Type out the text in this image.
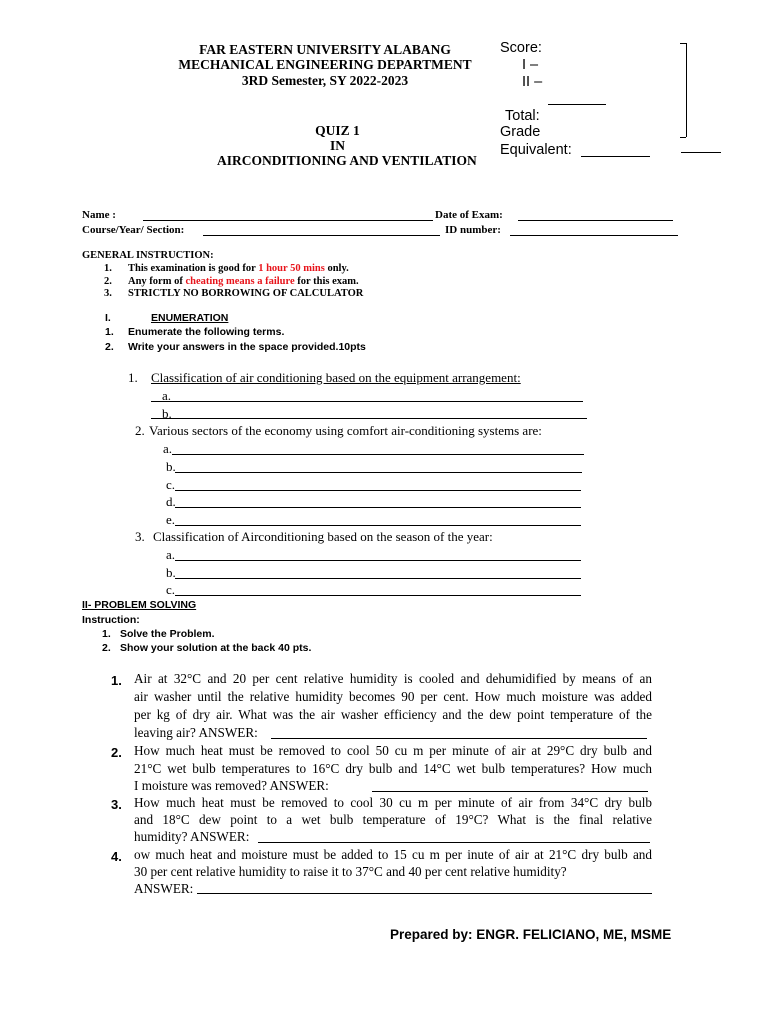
FAR EASTERN UNIVERSITY ALABANG
MECHANICAL ENGINEERING DEPARTMENT
3RD Semester, SY 2022-2023
Score:
I –
II –
Total:
Grade
Equivalent:
QUIZ 1
IN
AIRCONDITIONING AND VENTILATION
Name :	Date of Exam:
Course/Year/ Section:	ID number:
GENERAL INSTRUCTION:
1. This examination is good for 1 hour 50 mins only.
2. Any form of cheating means a failure for this exam.
3. STRICTLY NO BORROWING OF CALCULATOR
I.	ENUMERATION
1. Enumerate the following terms.
2. Write your answers in the space provided.10pts
1. Classification of air conditioning based on the equipment arrangement:
a.
b.
2. Various sectors of the economy using comfort air-conditioning systems are:
a.
b.
c.
d.
e.
3. Classification of Airconditioning based on the season of the year:
a.
b.
c.
II- PROBLEM SOLVING
Instruction:
1. Solve the Problem.
2. Show your solution at the back 40 pts.
1. Air at 32°C and 20 per cent relative humidity is cooled and dehumidified by means of an
air washer until the relative humidity becomes 90 per cent. How much moisture was added
per kg of dry air. What was the air washer efficiency and the dew point temperature of the
leaving air? ANSWER:
2. How much heat must be removed to cool 50 cu m per minute of air at 29°C dry bulb and
21°C wet bulb temperatures to 16°C dry bulb and 14°C wet bulb temperatures? How much
I moisture was removed? ANSWER:
3. How much heat must be removed to cool 30 cu m per minute of air from 34°C dry bulb
and 18°C dew point to a wet bulb temperature of 19°C? What is the final relative
humidity? ANSWER:
4. ow much heat and moisture must be added to 15 cu m per inute of air at 21°C dry bulb and
30 per cent relative humidity to raise it to 37°C and 40 per cent relative humidity?
ANSWER:
Prepared by: ENGR. FELICIANO, ME, MSME
